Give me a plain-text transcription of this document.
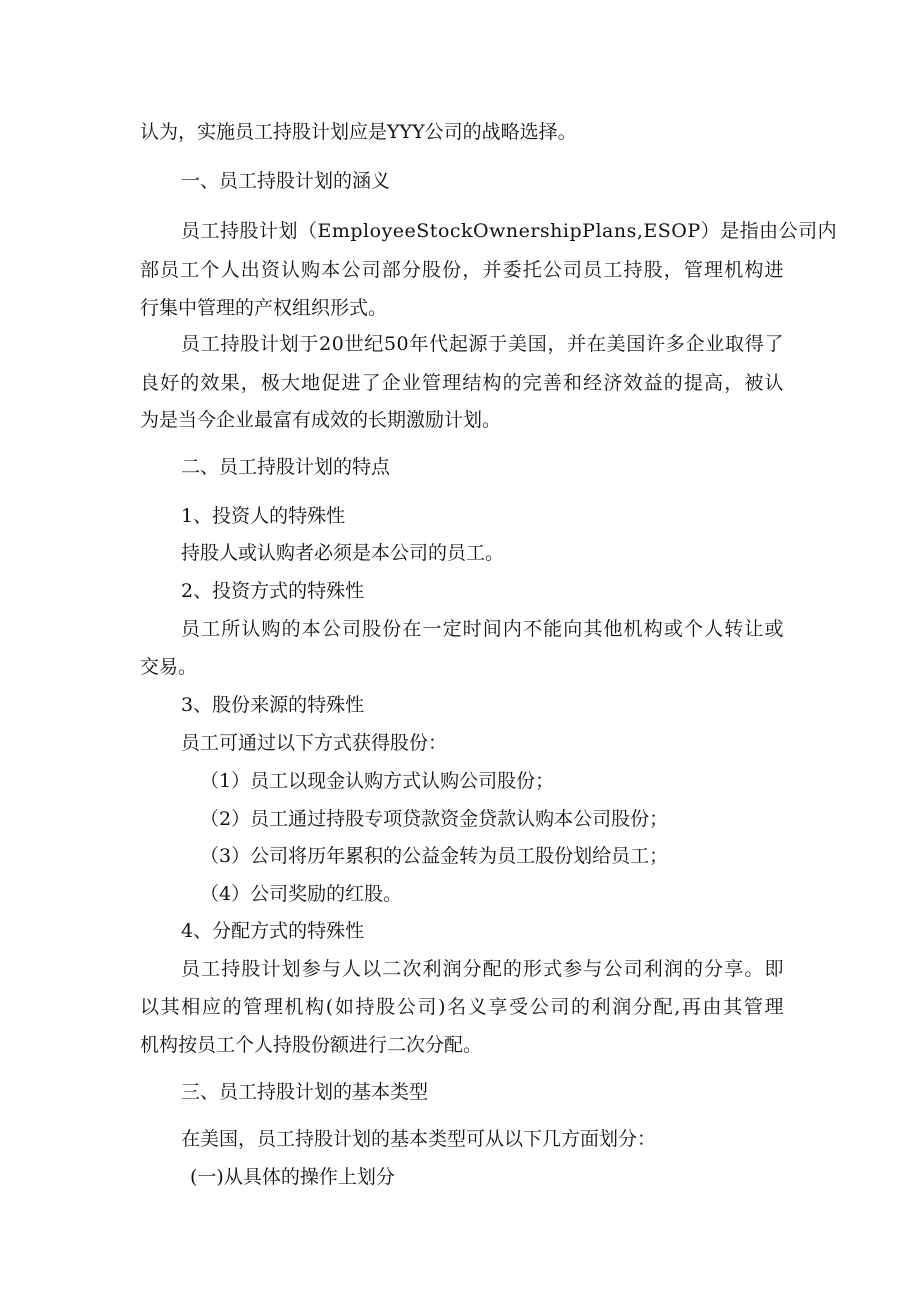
认为，实施员工持股计划应是YYY公司的战略选择。
一、员工持股计划的涵义
员工持股计划（EmployeeStockOwnershipPlans,ESOP）是指由公司内
部员工个人出资认购本公司部分股份，并委托公司员工持股，管理机构进
行集中管理的产权组织形式。
员工持股计划于20世纪50年代起源于美国，并在美国许多企业取得了
良好的效果，极大地促进了企业管理结构的完善和经济效益的提高，被认
为是当今企业最富有成效的长期激励计划。
二、员工持股计划的特点
1、投资人的特殊性
持股人或认购者必须是本公司的员工。
2、投资方式的特殊性
员工所认购的本公司股份在一定时间内不能向其他机构或个人转让或
交易。
3、股份来源的特殊性
员工可通过以下方式获得股份：
（1）员工以现金认购方式认购公司股份；
（2）员工通过持股专项贷款资金贷款认购本公司股份；
（3）公司将历年累积的公益金转为员工股份划给员工；
（4）公司奖励的红股。
4、分配方式的特殊性
员工持股计划参与人以二次利润分配的形式参与公司利润的分享。即
以其相应的管理机构(如持股公司)名义享受公司的利润分配,再由其管理
机构按员工个人持股份额进行二次分配。
三、员工持股计划的基本类型
在美国，员工持股计划的基本类型可从以下几方面划分：
(一)从具体的操作上划分
